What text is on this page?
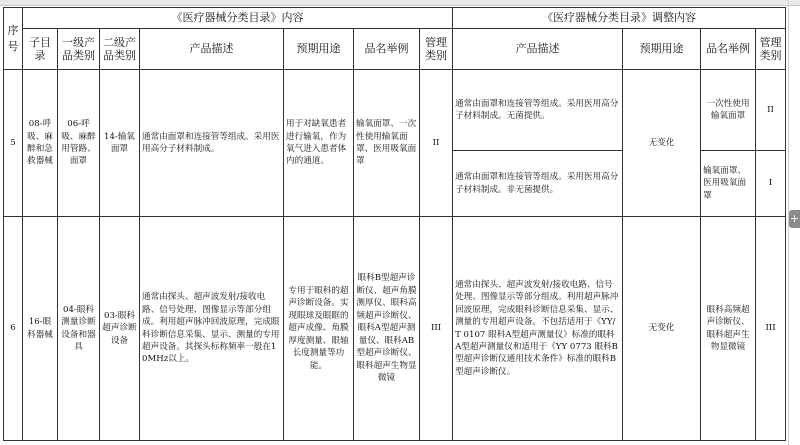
序号	《医疗器械分类目录》内容							《医疗器械分类目录》调整内容			
	子目录	一级产品类别	二级产品类别	产品描述	预期用途	品名举例	管理类别	产品描述	预期用途	品名举例	管理类别
5	08-呼吸、麻醉和急救器械	06-呼吸、麻醉用管路、面罩	14-输氧面罩	通常由面罩和连接管等组成。采用医用高分子材料制成。	用于对缺氧患者进行输氧，作为氧气进入患者体内的通道。	输氧面罩、一次性使用输氧面罩、医用吸氧面罩	II	通常由面罩和连接管等组成。采用医用高分子材料制成。无菌提供。	无变化	一次性使用输氧面罩	II
								通常由面罩和连接管等组成。采用医用高分子材料制成。非无菌提供。		输氧面罩、医用吸氧面罩	I
6	16-眼科器械	04-眼科测量诊断设备和器具	03-眼科超声诊断设备	通常由探头、超声波发射/接收电路、信号处理、图像显示等部分组成。利用超声脉冲回波原理，完成眼科诊断信息采集、显示、测量的专用超声设备。其探头标称频率一般在10MHz以上。	专用于眼科的超声诊断设备。实现眼球及眼眶的超声成像、角膜厚度测量、眼轴长度测量等功能。	眼科B型超声诊断仪、超声角膜测厚仪、眼科高频超声诊断仪、眼科A型超声测量仪、眼科AB型超声诊断仪、眼科超声生物显微镜	III	通常由探头、超声波发射/接收电路、信号处理、图像显示等部分组成。利用超声脉冲回波原理，完成眼科诊断信息采集、显示、测量的专用超声设备。不包括适用于《YY/T 0107 眼科A型超声测量仪》标准的眼科A型超声测量仪和适用于《YY 0773 眼科B型超声诊断仪通用技术条件》标准的眼科B型超声诊断仪。	无变化	眼科高频超声诊断仪、眼科超声生物显微镜	III
+
